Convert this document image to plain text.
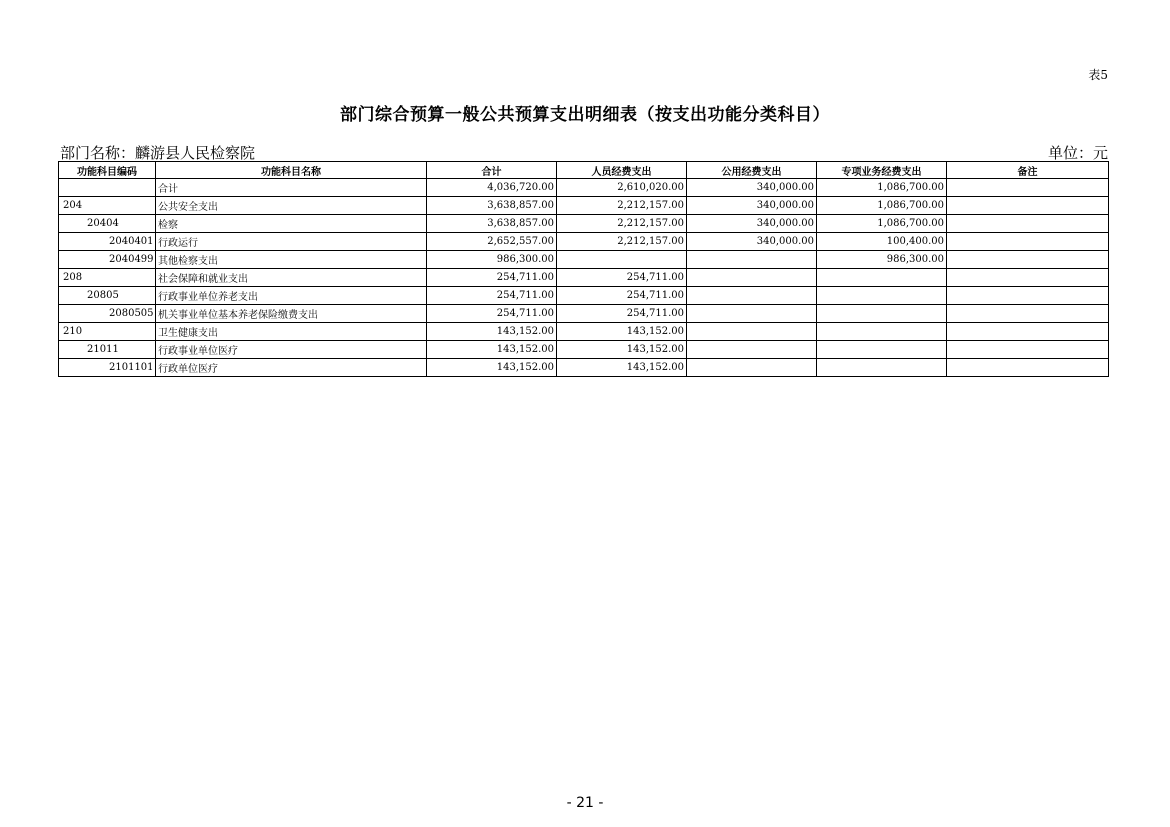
表5
部门综合预算一般公共预算支出明细表（按支出功能分类科目）
部门名称：麟游县人民检察院	单位：元
功能科目编码	功能科目名称	合计	人员经费支出	公用经费支出	专项业务经费支出	备注
	合计	4,036,720.00	2,610,020.00	340,000.00	1,086,700.00	
204	公共安全支出	3,638,857.00	2,212,157.00	340,000.00	1,086,700.00	
20404	检察	3,638,857.00	2,212,157.00	340,000.00	1,086,700.00	
2040401	行政运行	2,652,557.00	2,212,157.00	340,000.00	100,400.00	
2040499	其他检察支出	986,300.00			986,300.00	
208	社会保障和就业支出	254,711.00	254,711.00			
20805	行政事业单位养老支出	254,711.00	254,711.00			
2080505	机关事业单位基本养老保险缴费支出	254,711.00	254,711.00			
210	卫生健康支出	143,152.00	143,152.00			
21011	行政事业单位医疗	143,152.00	143,152.00			
2101101	行政单位医疗	143,152.00	143,152.00			
- 21 -
